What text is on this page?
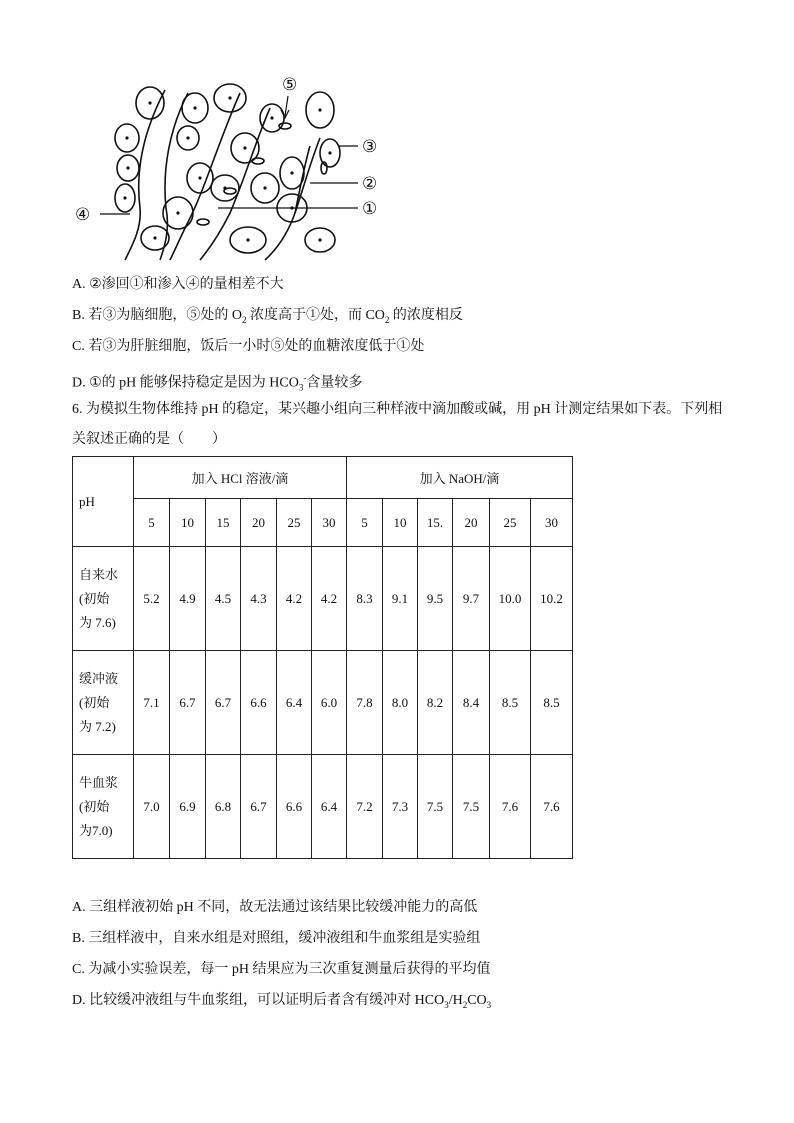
⑤
③
②
①
④
A. ②渗回①和渗入④的量相差不大
B. 若③为脑细胞，⑤处的 $O_2$ 浓度高于①处，而 $CO_2$ 的浓度相反
C. 若③为肝脏细胞，饭后一小时⑤处的血糖浓度低于①处
D. ①的 pH 能够保持稳定是因为 $HCO_3^-$含量较多
6. 为模拟生物体维持 pH 的稳定，某兴趣小组向三种样液中滴加酸或碱，用 pH 计测定结果如下表。下列相
关叙述正确的是（　　）
pH	加入 HCl 溶液/滴						加入 NaOH/滴					
	5	10	15	20	25	30	5	10	15.	20	25	30

自来水
(初始
为 7.6)	5.2	4.9	4.5	4.3	4.2	4.2	8.3	9.1	9.5	9.7	10.0	10.2

缓冲液
(初始
为 7.2)	7.1	6.7	6.7	6.6	6.4	6.0	7.8	8.0	8.2	8.4	8.5	8.5

牛血浆
(初始
为7.0)	7.0	6.9	6.8	6.7	6.6	6.4	7.2	7.3	7.5	7.5	7.6	7.6
A. 三组样液初始 pH 不同，故无法通过该结果比较缓冲能力的高低
B. 三组样液中，自来水组是对照组，缓冲液组和牛血浆组是实验组
C. 为减小实验误差，每一 pH 结果应为三次重复测量后获得的平均值
D. 比较缓冲液组与牛血浆组，可以证明后者含有缓冲对 $HCO_3/H_2CO_3$
